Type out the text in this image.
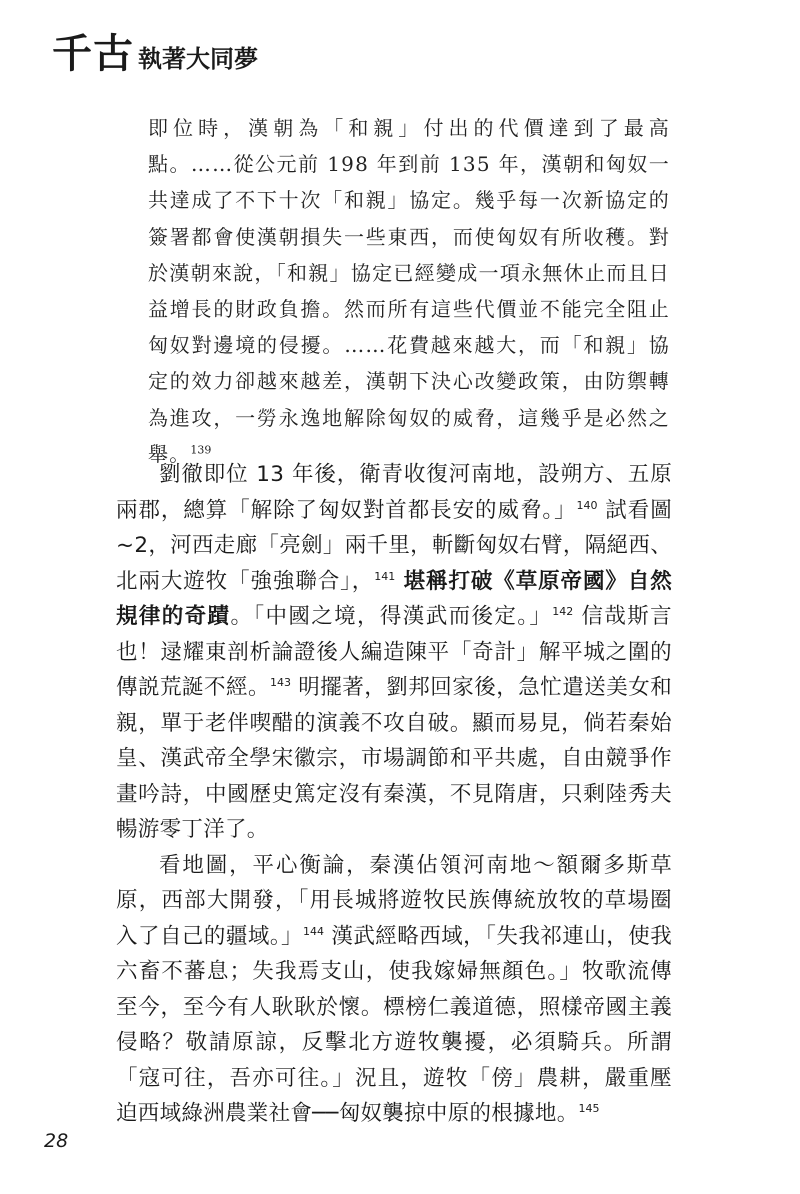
千古 執著大同夢
即位時，漢朝為「和親」付出的代價達到了最高點。……從公元前 198 年到前 135 年，漢朝和匈奴一共達成了不下十次「和親」協定。幾乎每一次新協定的簽署都會使漢朝損失一些東西，而使匈奴有所收穫。對於漢朝來說，「和親」協定已經變成一項永無休止而且日益增長的財政負擔。然而所有這些代價並不能完全阻止匈奴對邊境的侵擾。……花費越來越大，而「和親」協定的效力卻越來越差，漢朝下決心改變政策，由防禦轉為進攻，一勞永逸地解除匈奴的威脅，這幾乎是必然之舉。$^{139}$

劉徹即位 13 年後，衛青收復河南地，設朔方、五原兩郡，總算「解除了匈奴對首都長安的威脅。」$^{140}$ 試看圖~2，河西走廊「亮劍」兩千里，斬斷匈奴右臂，隔絕西、北兩大遊牧「強強聯合」，$^{141}$ 堪稱打破《草原帝國》自然規律的奇蹟。「中國之境，得漢武而後定。」$^{142}$ 信哉斯言也！逯耀東剖析論證後人編造陳平「奇計」解平城之圍的傳説荒誕不經。$^{143}$ 明擺著，劉邦回家後，急忙遣送美女和親，單于老伴喫醋的演義不攻自破。顯而易見，倘若秦始皇、漢武帝全學宋徽宗，市場調節和平共處，自由競爭作畫吟詩，中國歷史篤定沒有秦漢，不見隋唐，只剩陸秀夫暢游零丁洋了。

看地圖，平心衡論，秦漢佔領河南地～額爾多斯草原，西部大開發，「用長城將遊牧民族傳統放牧的草場圈入了自己的疆域。」$^{144}$ 漢武經略西域，「失我祁連山，使我六畜不蕃息；失我焉支山，使我嫁婦無顏色。」牧歌流傳至今，至今有人耿耿於懷。標榜仁義道德，照樣帝國主義侵略？敬請原諒，反擊北方遊牧襲擾，必須騎兵。所謂「寇可往，吾亦可往。」況且，遊牧「傍」農耕，嚴重壓迫西域綠洲農業社會──匈奴襲掠中原的根據地。$^{145}$

28
